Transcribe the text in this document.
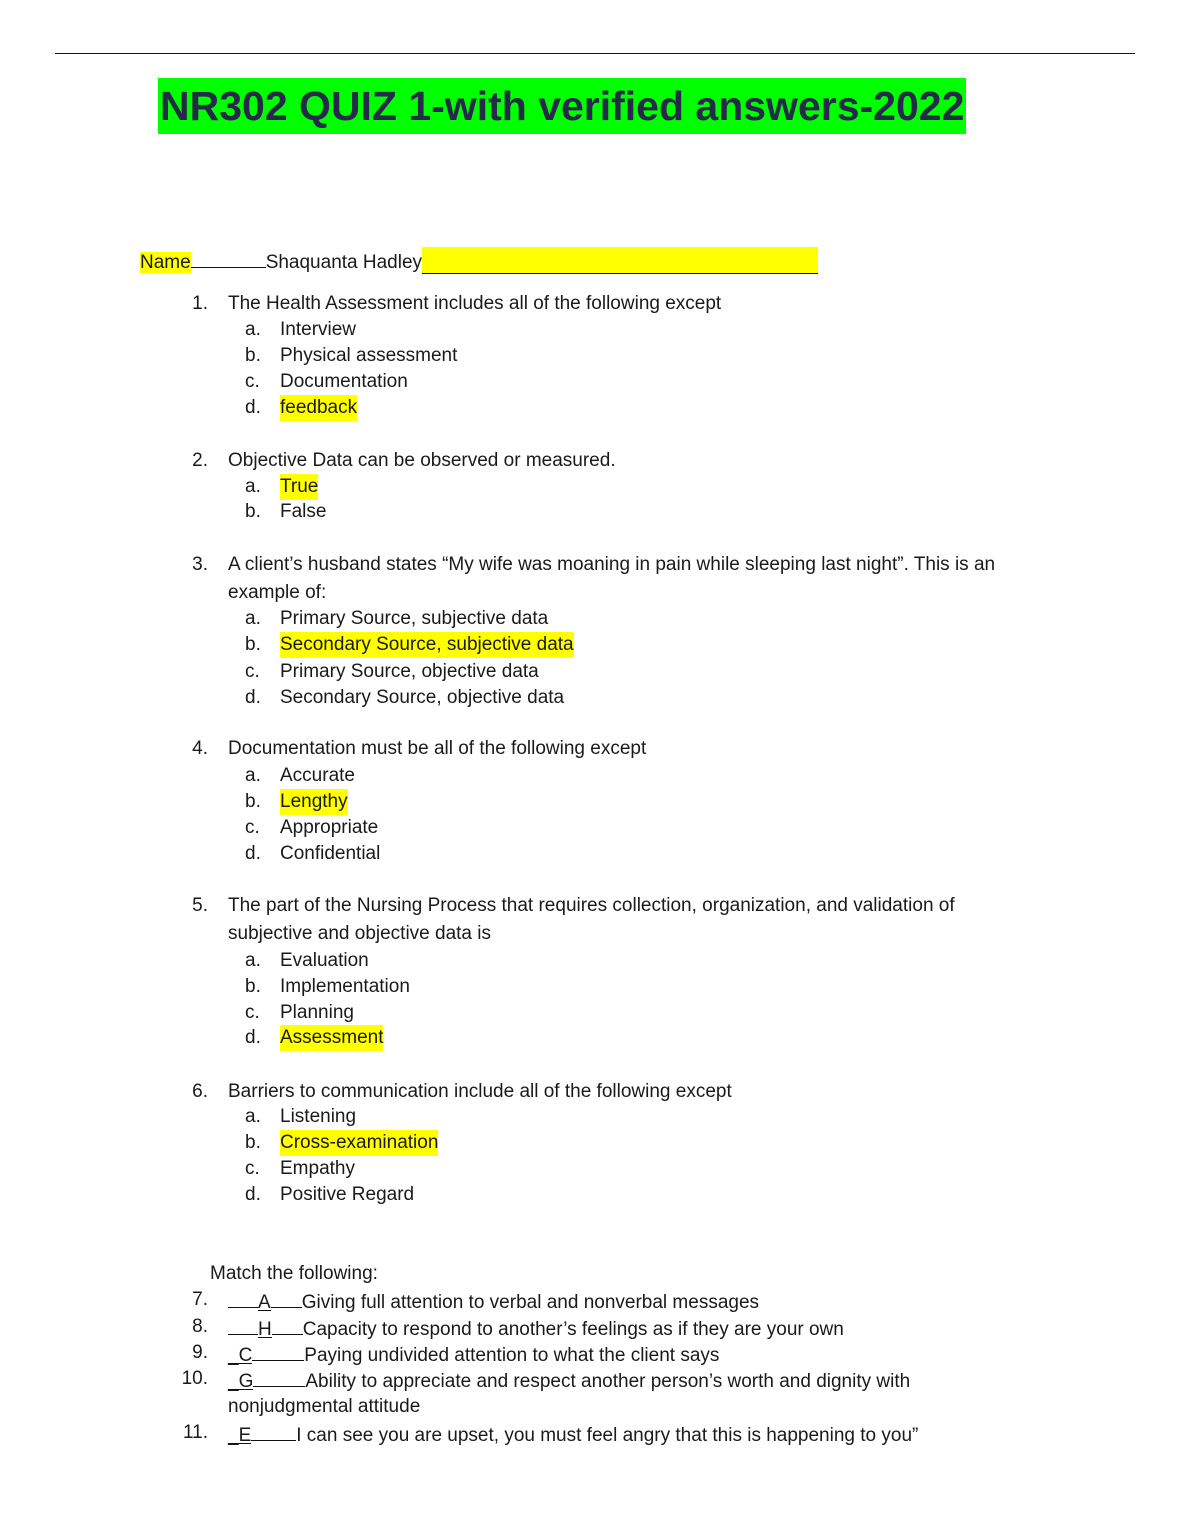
NR302 QUIZ 1-with verified answers-2022
Name	Shaquanta Hadley
1. The Health Assessment includes all of the following except
a. Interview
b. Physical assessment
c. Documentation
d. feedback
2. Objective Data can be observed or measured.
a. True
b. False
3. A client’s husband states “My wife was moaning in pain while sleeping last night”. This is an
example of:
a. Primary Source, subjective data
b. Secondary Source, subjective data
c. Primary Source, objective data
d. Secondary Source, objective data
4. Documentation must be all of the following except
a. Accurate
b. Lengthy
c. Appropriate
d. Confidential
5. The part of the Nursing Process that requires collection, organization, and validation of
subjective and objective data is
a. Evaluation
b. Implementation
c. Planning
d. Assessment
6. Barriers to communication include all of the following except
a. Listening
b. Cross-examination
c. Empathy
d. Positive Regard
Match the following:
7.	A Giving full attention to verbal and nonverbal messages
8.	H Capacity to respond to another’s feelings as if they are your own
9. _C	Paying undivided attention to what the client says
10. _G	Ability to appreciate and respect another person’s worth and dignity with
nonjudgmental attitude
11. _E I can see you are upset, you must feel angry that this is happening to you”
